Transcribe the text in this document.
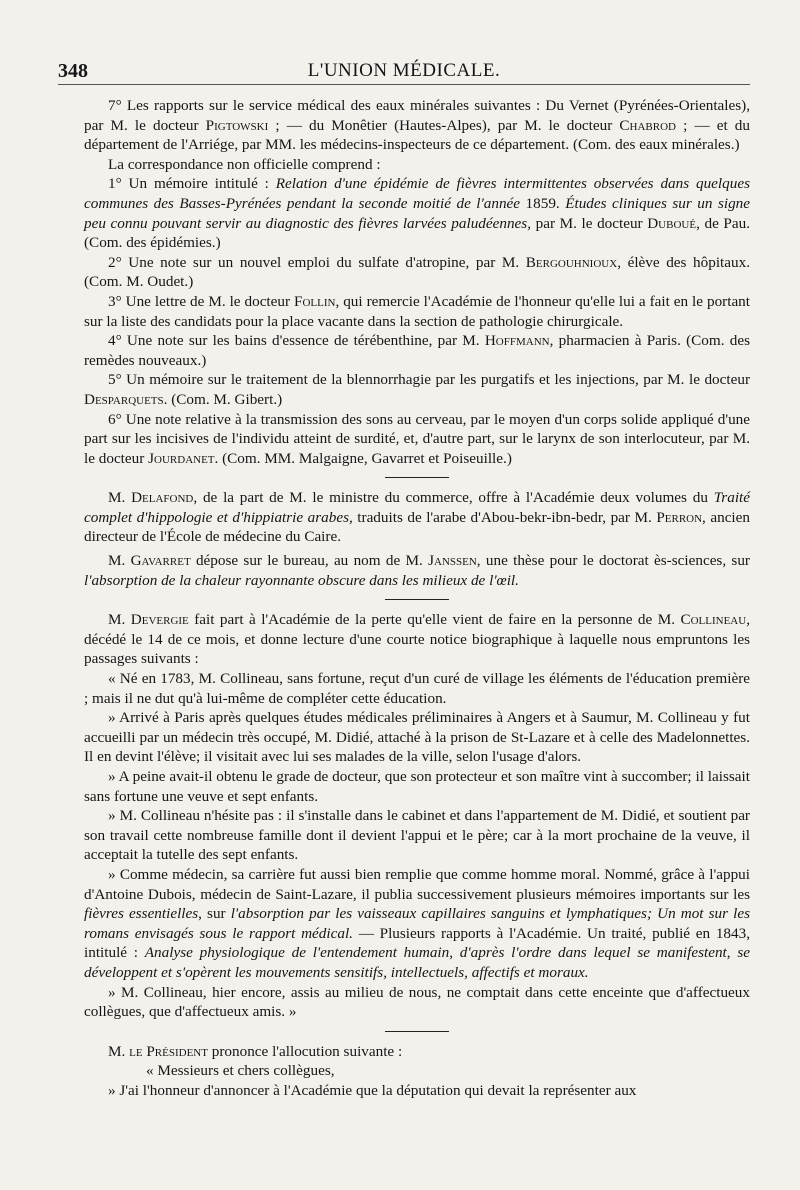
348	L'UNION MÉDICALE.

7° Les rapports sur le service médical des eaux minérales suivantes : Du Vernet (Pyrénées-Orientales), par M. le docteur Pigtowski ; — du Monêtier (Hautes-Alpes), par M. le docteur Chabrod ; — et du département de l'Arriége, par MM. les médecins-inspecteurs de ce département. (Com. des eaux minérales.)

La correspondance non officielle comprend :

1° Un mémoire intitulé : Relation d'une épidémie de fièvres intermittentes observées dans quelques communes des Basses-Pyrénées pendant la seconde moitié de l'année 1859. Études cliniques sur un signe peu connu pouvant servir au diagnostic des fièvres larvées paludéennes, par M. le docteur Duboué, de Pau. (Com. des épidémies.)

2° Une note sur un nouvel emploi du sulfate d'atropine, par M. Bergouhnioux, élève des hôpitaux. (Com. M. Oudet.)

3° Une lettre de M. le docteur Follin, qui remercie l'Académie de l'honneur qu'elle lui a fait en le portant sur la liste des candidats pour la place vacante dans la section de pathologie chirurgicale.

4° Une note sur les bains d'essence de térébenthine, par M. Hoffmann, pharmacien à Paris. (Com. des remèdes nouveaux.)

5° Un mémoire sur le traitement de la blennorrhagie par les purgatifs et les injections, par M. le docteur Desparquets. (Com. M. Gibert.)

6° Une note relative à la transmission des sons au cerveau, par le moyen d'un corps solide appliqué d'une part sur les incisives de l'individu atteint de surdité, et, d'autre part, sur le larynx de son interlocuteur, par M. le docteur Jourdanet. (Com. MM. Malgaigne, Gavarret et Poiseuille.)

M. Delafond, de la part de M. le ministre du commerce, offre à l'Académie deux volumes du Traité complet d'hippologie et d'hippiatrie arabes, traduits de l'arabe d'Abou-bekr-ibn-bedr, par M. Perron, ancien directeur de l'École de médecine du Caire.

M. Gavarret dépose sur le bureau, au nom de M. Janssen, une thèse pour le doctorat ès-sciences, sur l'absorption de la chaleur rayonnante obscure dans les milieux de l'œil.

M. Devergie fait part à l'Académie de la perte qu'elle vient de faire en la personne de M. Collineau, décédé le 14 de ce mois, et donne lecture d'une courte notice biographique à laquelle nous empruntons les passages suivants :

« Né en 1783, M. Collineau, sans fortune, reçut d'un curé de village les éléments de l'éducation première ; mais il ne dut qu'à lui-même de compléter cette éducation.

» Arrivé à Paris après quelques études médicales préliminaires à Angers et à Saumur, M. Collineau y fut accueilli par un médecin très occupé, M. Didié, attaché à la prison de St-Lazare et à celle des Madelonnettes. Il en devint l'élève; il visitait avec lui ses malades de la ville, selon l'usage d'alors.

» A peine avait-il obtenu le grade de docteur, que son protecteur et son maître vint à succomber; il laissait sans fortune une veuve et sept enfants.

» M. Collineau n'hésite pas : il s'installe dans le cabinet et dans l'appartement de M. Didié, et soutient par son travail cette nombreuse famille dont il devient l'appui et le père; car à la mort prochaine de la veuve, il acceptait la tutelle des sept enfants.

» Comme médecin, sa carrière fut aussi bien remplie que comme homme moral. Nommé, grâce à l'appui d'Antoine Dubois, médecin de Saint-Lazare, il publia successivement plusieurs mémoires importants sur les fièvres essentielles, sur l'absorption par les vaisseaux capillaires sanguins et lymphatiques; Un mot sur les romans envisagés sous le rapport médical. — Plusieurs rapports à l'Académie. Un traité, publié en 1843, intitulé : Analyse physiologique de l'entendement humain, d'après l'ordre dans lequel se manifestent, se développent et s'opèrent les mouvements sensitifs, intellectuels, affectifs et moraux.

» M. Collineau, hier encore, assis au milieu de nous, ne comptait dans cette enceinte que d'affectueux collègues, que d'affectueux amis. »

M. le Président prononce l'allocution suivante :

« Messieurs et chers collègues,

» J'ai l'honneur d'annoncer à l'Académie que la députation qui devait la représenter aux
